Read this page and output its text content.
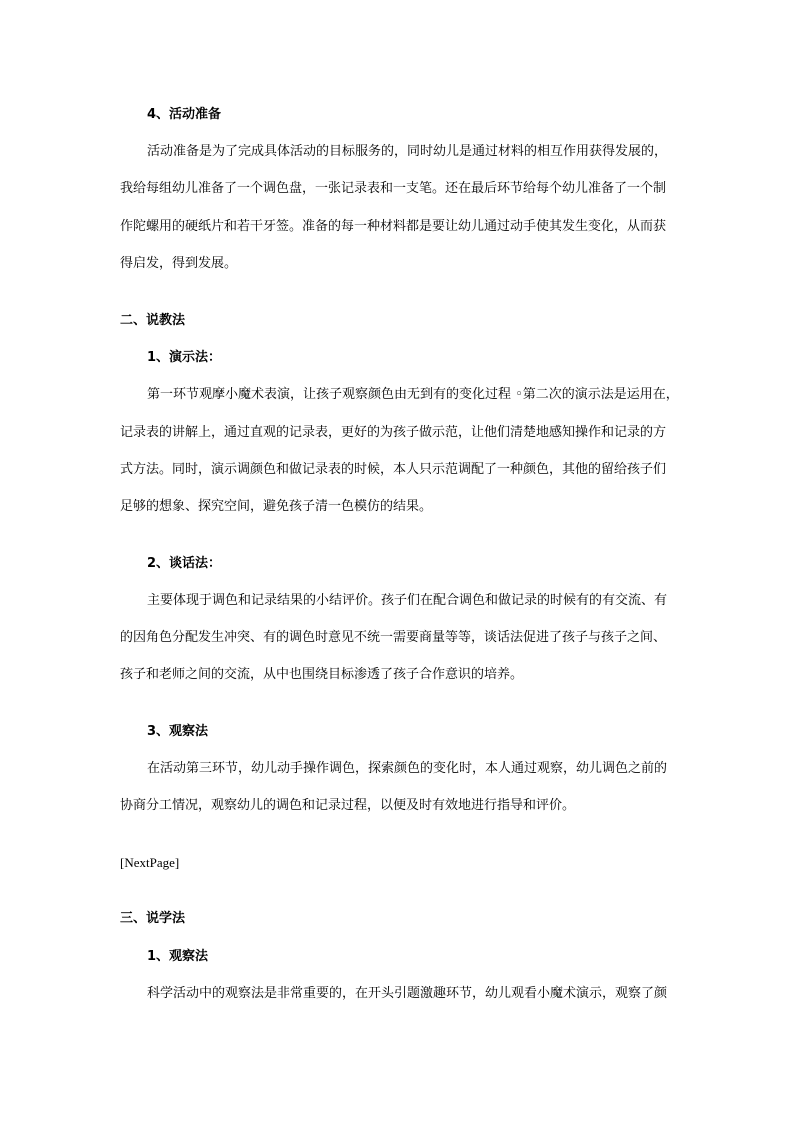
4、活动准备
活动准备是为了完成具体活动的目标服务的，同时幼儿是通过材料的相互作用获得发展的，
我给每组幼儿准备了一个调色盘，一张记录表和一支笔。还在最后环节给每个幼儿准备了一个制
作陀螺用的硬纸片和若干牙签。准备的每一种材料都是要让幼儿通过动手使其发生变化，从而获
得启发，得到发展。
二、说教法
1、演示法：
第一环节观摩小魔术表演，让孩子观察颜色由无到有的变化过程 ◦第二次的演示法是运用在，
记录表的讲解上，通过直观的记录表，更好的为孩子做示范，让他们清楚地感知操作和记录的方
式方法。同时，演示调颜色和做记录表的时候，本人只示范调配了一种颜色，其他的留给孩子们
足够的想象、探究空间，避免孩子清一色模仿的结果。
2、谈话法：
主要体现于调色和记录结果的小结评价。孩子们在配合调色和做记录的时候有的有交流、有
的因角色分配发生冲突、有的调色时意见不统一需要商量等等，谈话法促进了孩子与孩子之间、
孩子和老师之间的交流，从中也围绕目标渗透了孩子合作意识的培养。
3、观察法
在活动第三环节，幼儿动手操作调色，探索颜色的变化时，本人通过观察，幼儿调色之前的
协商分工情况，观察幼儿的调色和记录过程，以便及时有效地进行指导和评价。
[NextPage]
三、说学法
1、观察法
科学活动中的观察法是非常重要的，在开头引题激趣环节，幼儿观看小魔术演示，观察了颜
